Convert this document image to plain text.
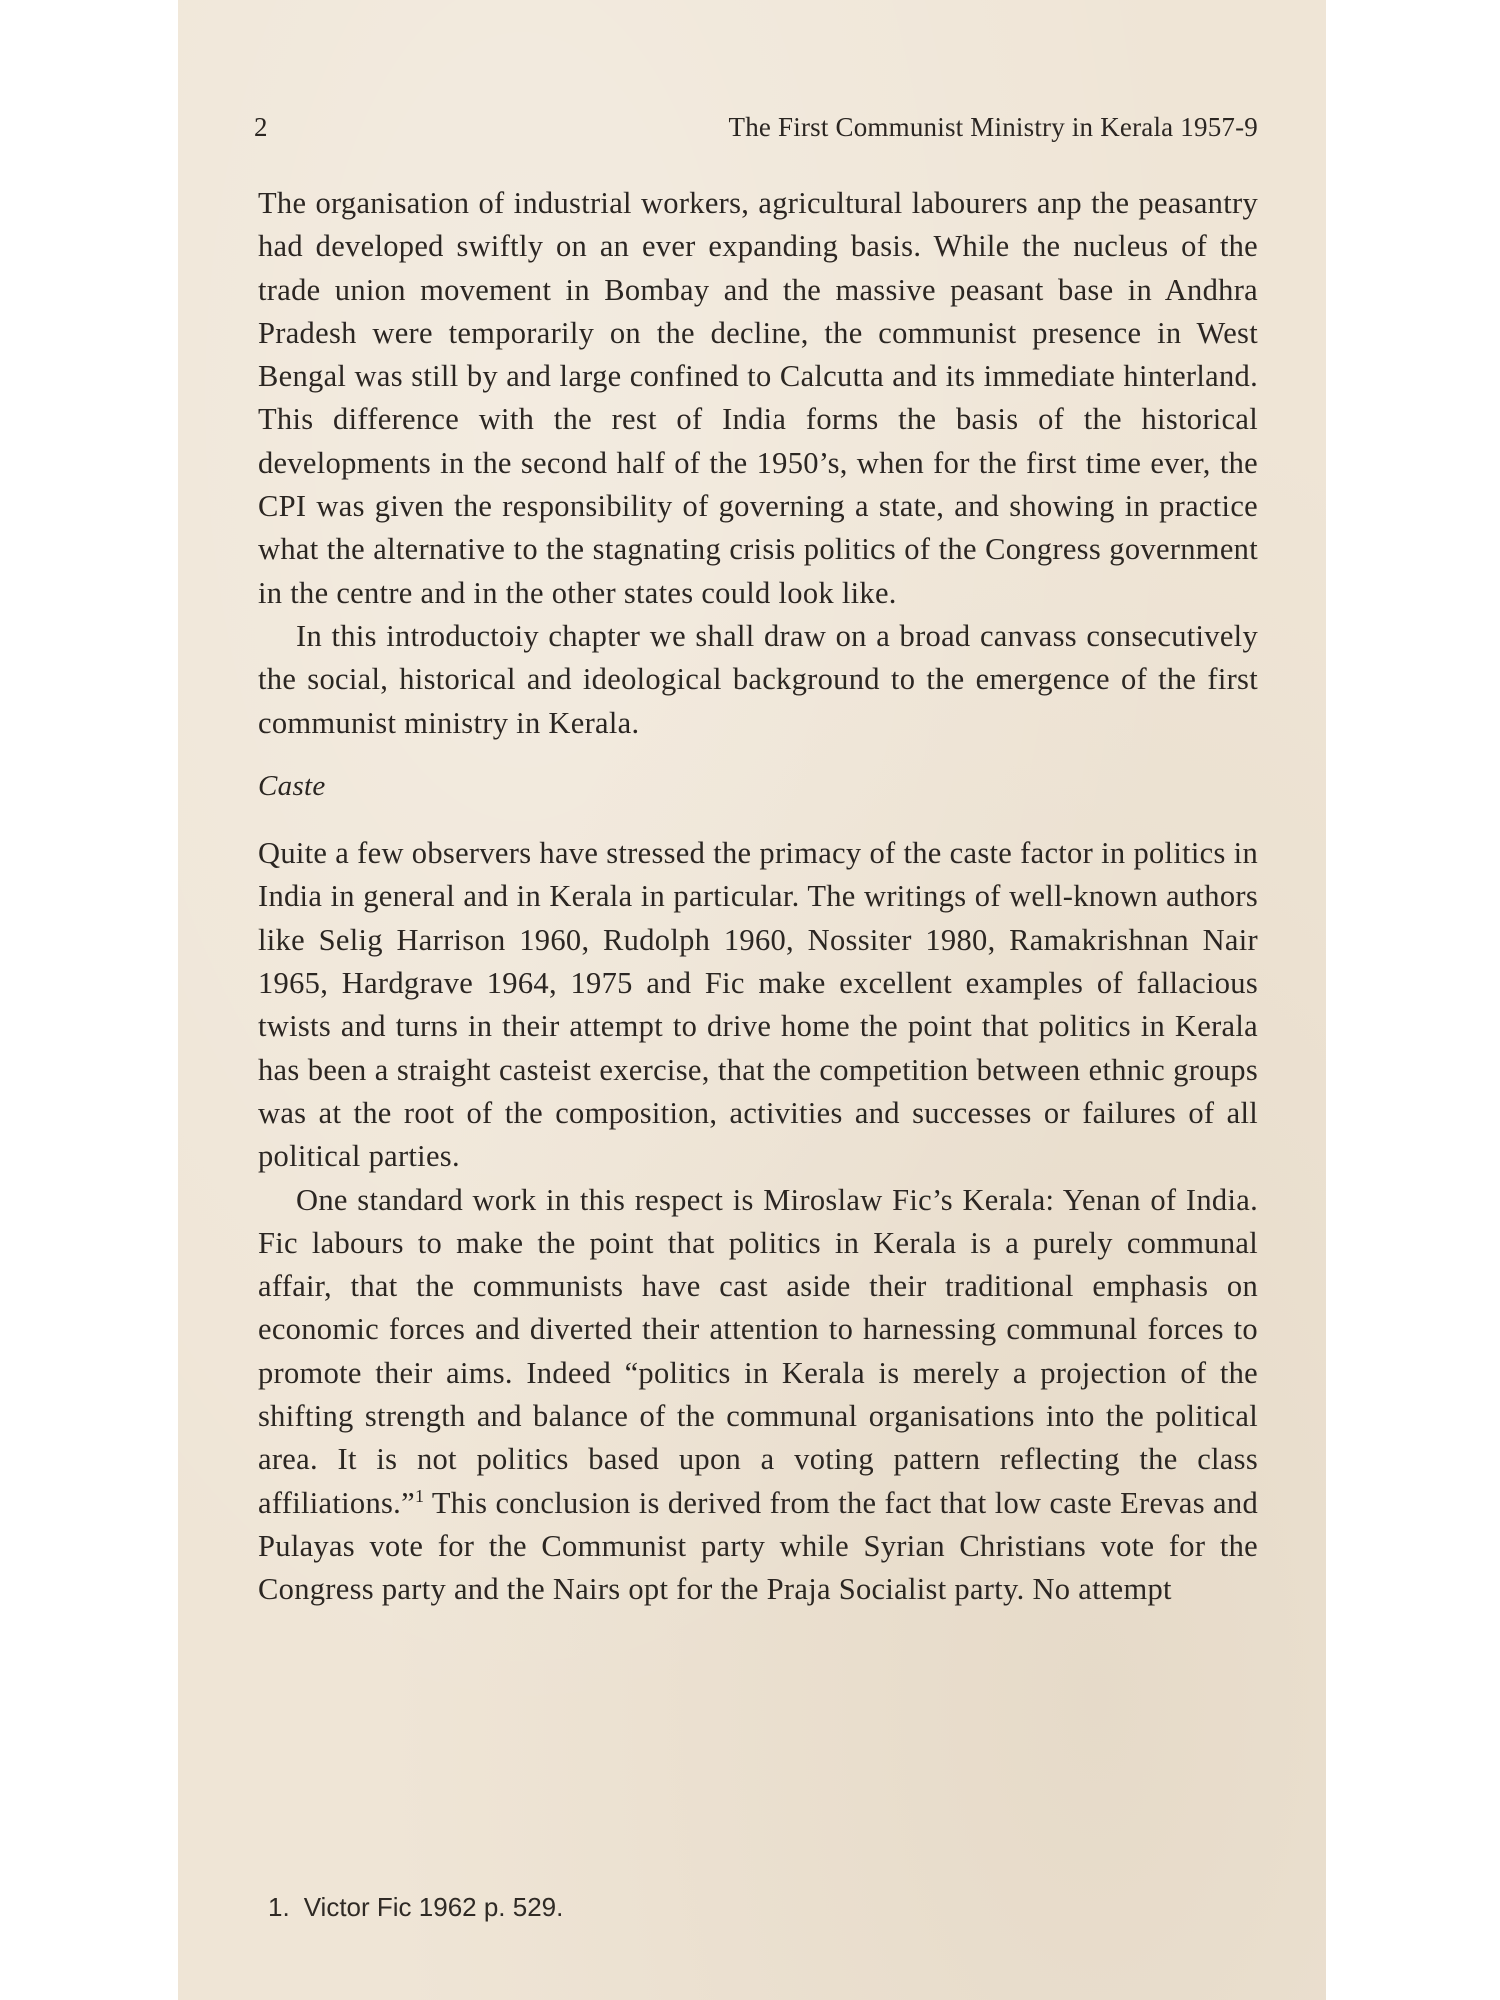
2	The First Communist Ministry in Kerala 1957-9

The organisation of industrial workers, agricultural labourers anp the peasantry had developed swiftly on an ever expanding basis. While the nucleus of the trade union movement in Bombay and the massive peasant base in Andhra Pradesh were temporarily on the decline, the communist presence in West Bengal was still by and large confined to Calcutta and its immediate hinterland. This difference with the rest of India forms the basis of the historical developments in the second half of the 1950’s, when for the first time ever, the CPI was given the responsibility of governing a state, and showing in practice what the alternative to the stagnating crisis politics of the Congress government in the centre and in the other states could look like.

In this introductoiy chapter we shall draw on a broad canvass consecutively the social, historical and ideological background to the emergence of the first communist ministry in Kerala.

Caste

Quite a few observers have stressed the primacy of the caste factor in politics in India in general and in Kerala in particular. The writings of well-known authors like Selig Harrison 1960, Rudolph 1960, Nossiter 1980, Ramakrishnan Nair 1965, Hardgrave 1964, 1975 and Fic make excellent examples of fallacious twists and turns in their attempt to drive home the point that politics in Kerala has been a straight casteist exercise, that the competition between ethnic groups was at the root of the composition, activities and successes or failures of all political parties.

One standard work in this respect is Miroslaw Fic’s Kerala: Yenan of India. Fic labours to make the point that politics in Kerala is a purely communal affair, that the communists have cast aside their traditional emphasis on economic forces and diverted their attention to harnessing communal forces to promote their aims. Indeed “politics in Kerala is merely a projection of the shifting strength and balance of the communal organisations into the political area. It is not politics based upon a voting pattern reflecting the class affiliations.”$^1$ This conclusion is derived from the fact that low caste Erevas and Pulayas vote for the Communist party while Syrian Christians vote for the Congress party and the Nairs opt for the Praja Socialist party. No attempt

1. Victor Fic 1962 p. 529.
